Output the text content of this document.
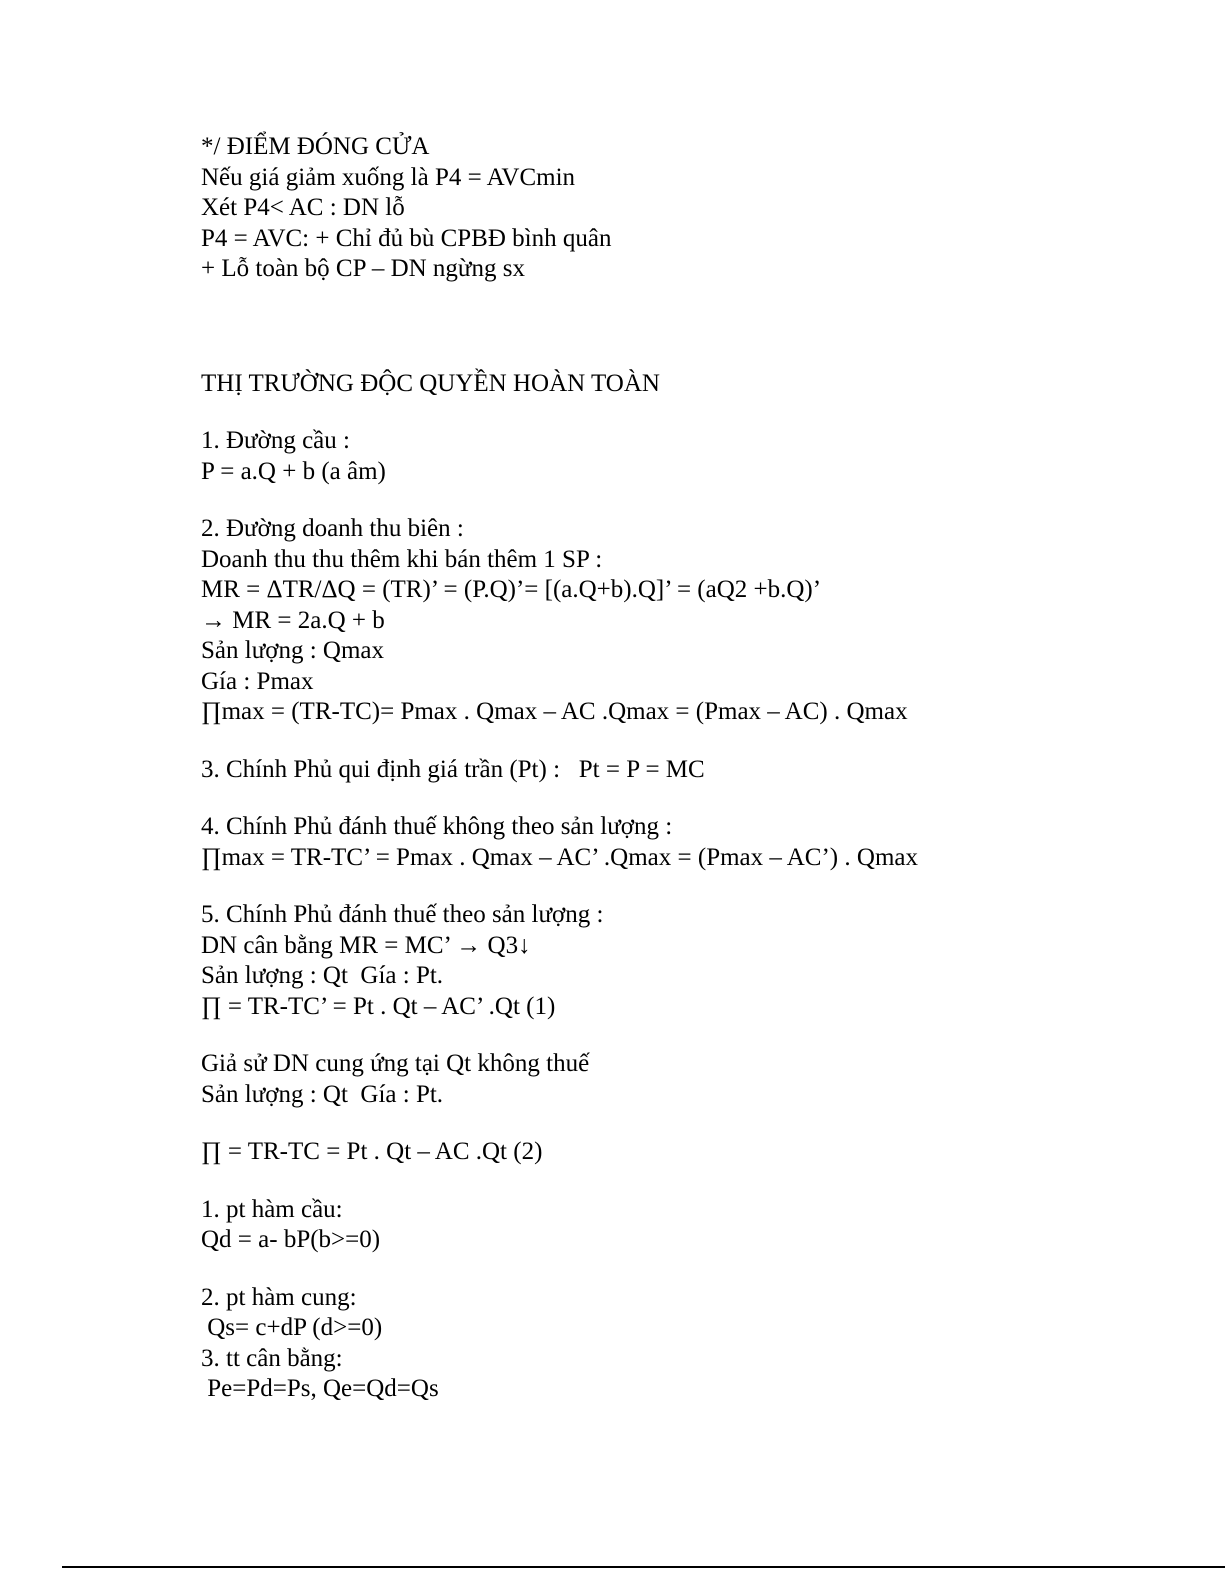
*/ ĐIỂM ĐÓNG CỬA
Nếu giá giảm xuống là P4 = AVCmin
Xét P4< AC : DN lỗ
P4 = AVC: + Chỉ đủ bù CPBĐ bình quân
+ Lỗ toàn bộ CP – DN ngừng sx
THỊ TRƯỜNG ĐỘC QUYỀN HOÀN TOÀN
1. Đường cầu :
P = a.Q + b (a âm)
2. Đường doanh thu biên :
Doanh thu thu thêm khi bán thêm 1 SP :
MR = ΔTR/ΔQ = (TR)’ = (P.Q)’= [(a.Q+b).Q]’ = (aQ2 +b.Q)’
→ MR = 2a.Q + b
Sản lượng : Qmax
Gía : Pmax
∏max = (TR-TC)= Pmax . Qmax – AC .Qmax = (Pmax – AC) . Qmax
3. Chính Phủ qui định giá trần (Pt) :   Pt = P = MC
4. Chính Phủ đánh thuế không theo sản lượng :
∏max = TR-TC’ = Pmax . Qmax – AC’ .Qmax = (Pmax – AC’) . Qmax
5. Chính Phủ đánh thuế theo sản lượng :
DN cân bằng MR = MC’ → Q3↓
Sản lượng : Qt  Gía : Pt.
∏ = TR-TC’ = Pt . Qt – AC’ .Qt (1)
Giả sử DN cung ứng tại Qt không thuế
Sản lượng : Qt  Gía : Pt.
∏ = TR-TC = Pt . Qt – AC .Qt (2)
1. pt hàm cầu:
Qd = a- bP(b>=0)
2. pt hàm cung:
Qs= c+dP (d>=0)
3. tt cân bằng:
Pe=Pd=Ps, Qe=Qd=Qs
